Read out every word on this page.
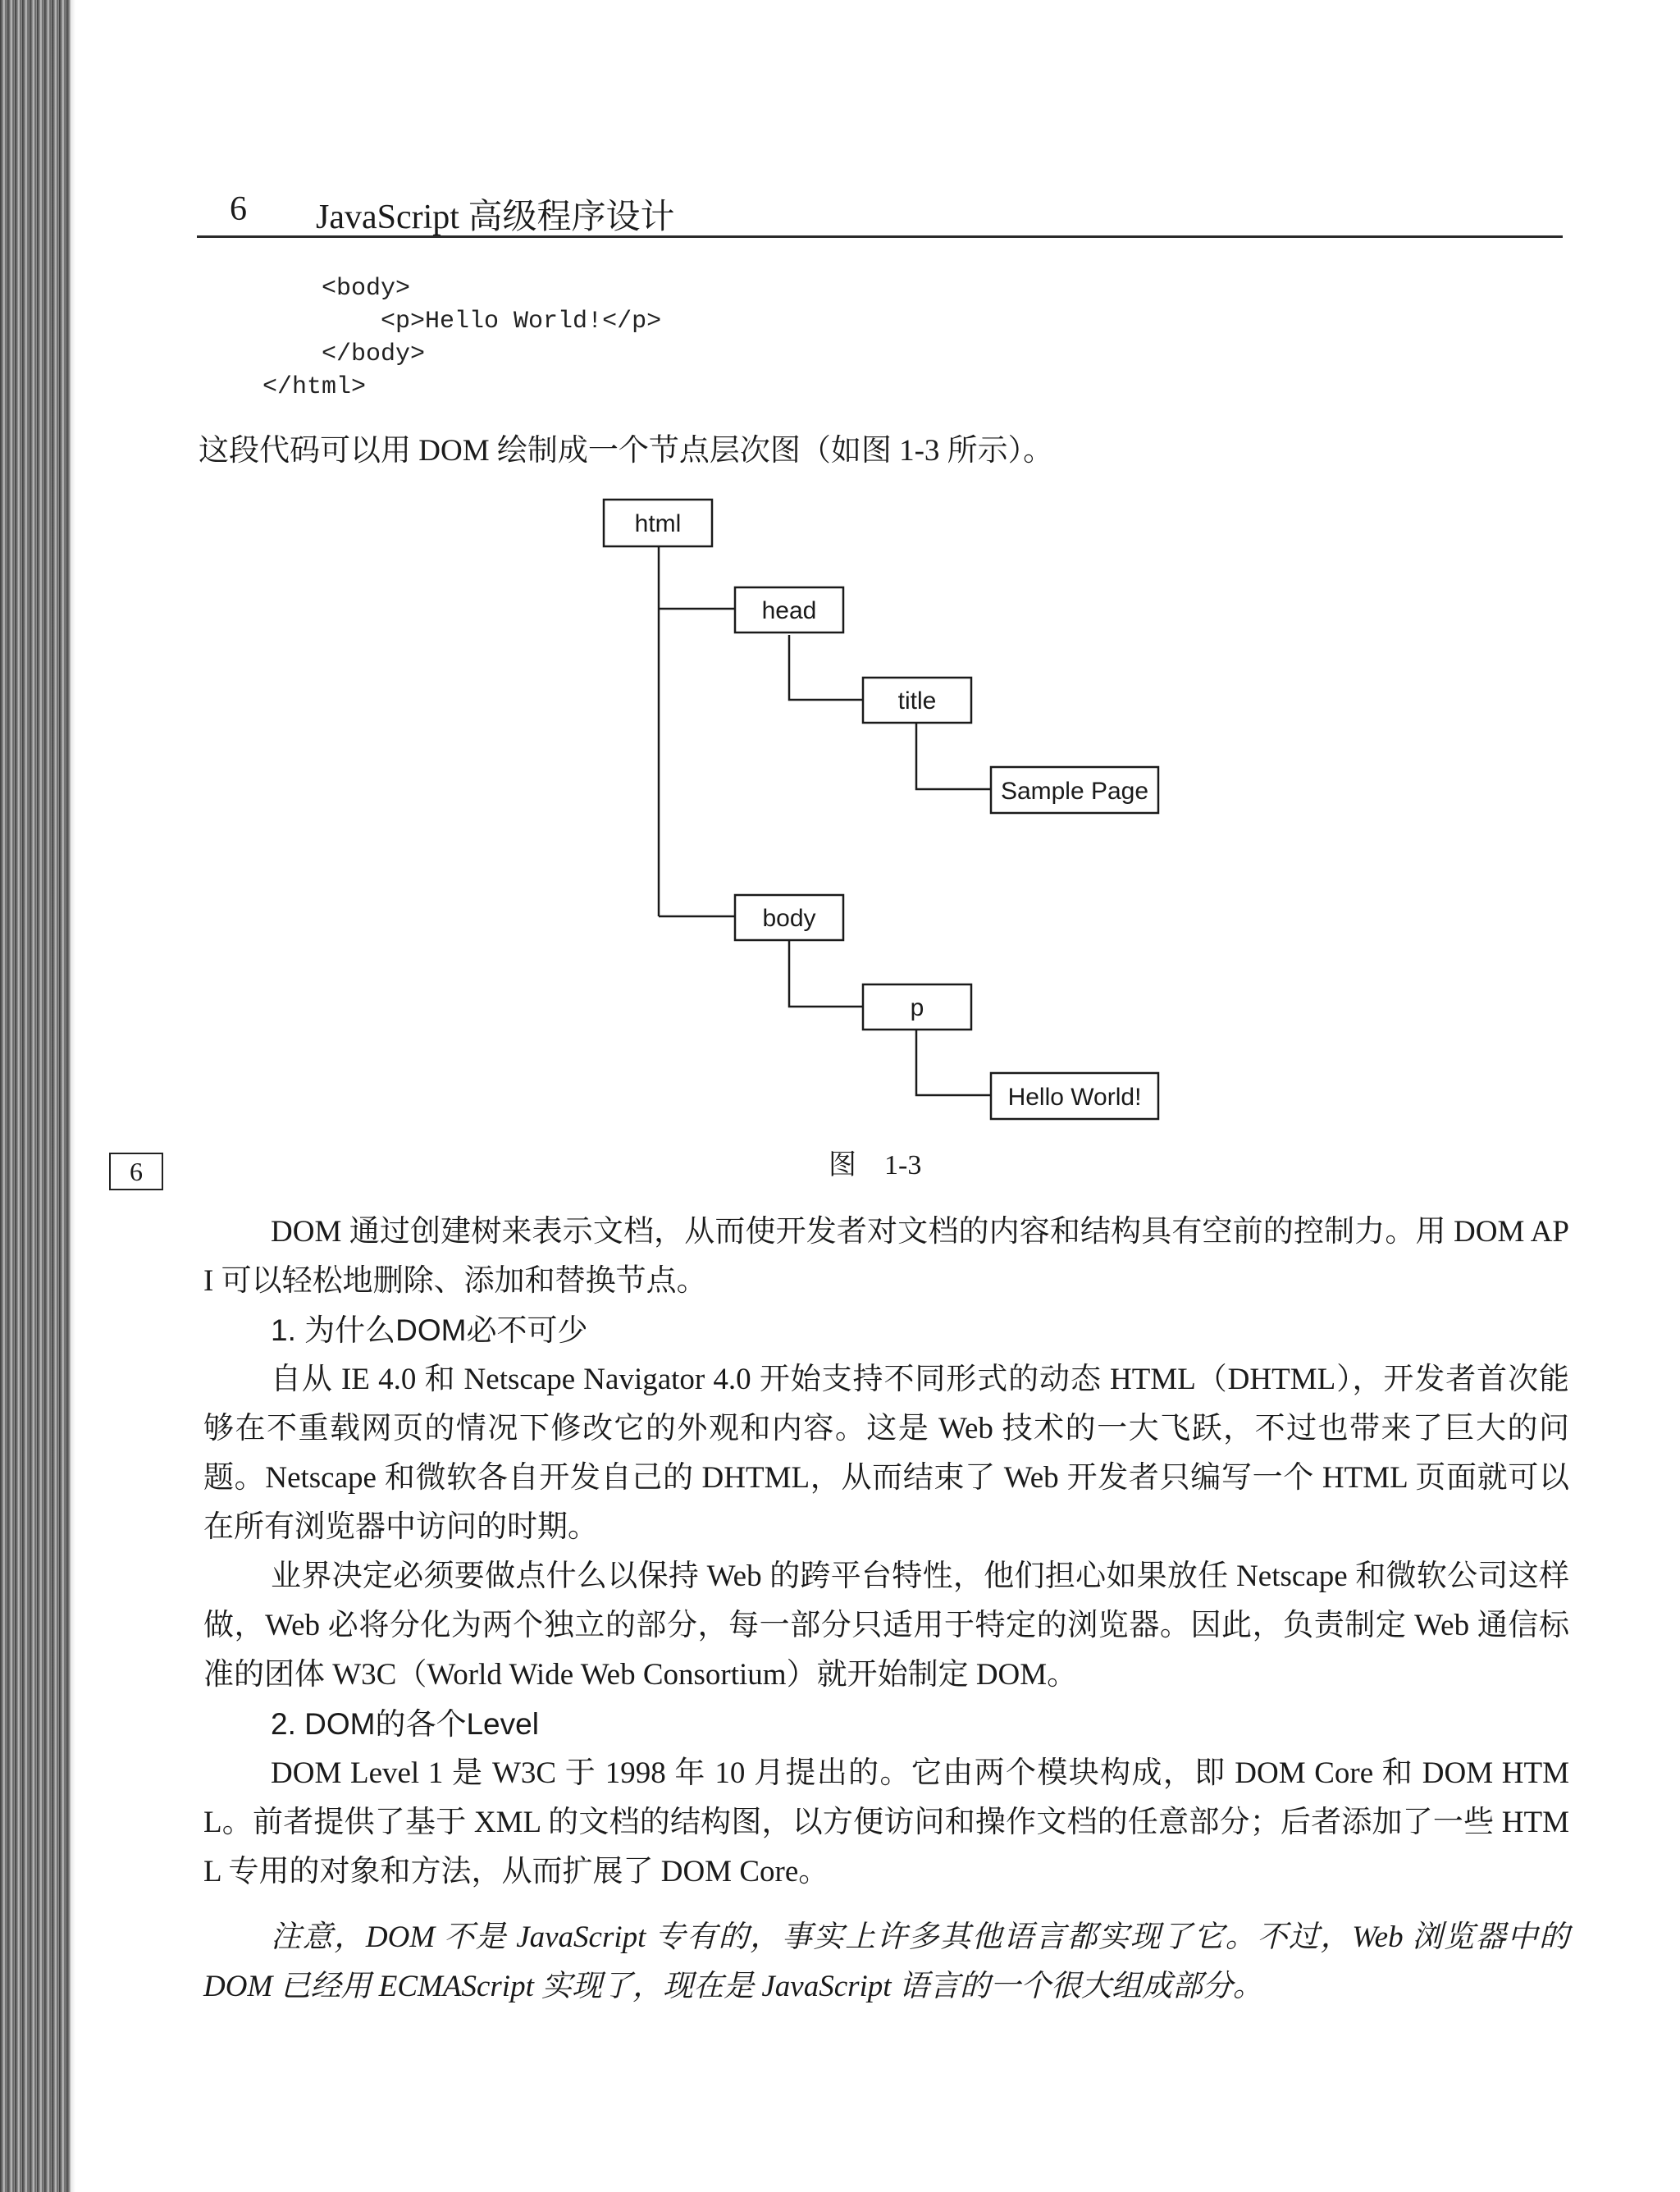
6 JavaScript 高级程序设计
<body>
<p>Hello World!</p>
</body>
</html>
这段代码可以用 DOM 绘制成一个节点层次图（如图 1-3 所示）。
html
head
title
Sample Page
body
p
Hello World!
6	图　1-3
DOM 通过创建树来表示文档，从而使开发者对文档的内容和结构具有空前的控制力。用 DOM API 可以轻松地删除、添加和替换节点。
1. 为什么DOM必不可少
自从 IE 4.0 和 Netscape Navigator 4.0 开始支持不同形式的动态 HTML（DHTML），开发者首次能够在不重载网页的情况下修改它的外观和内容。这是 Web 技术的一大飞跃，不过也带来了巨大的问题。Netscape 和微软各自开发自己的 DHTML，从而结束了 Web 开发者只编写一个 HTML 页面就可以在所有浏览器中访问的时期。
业界决定必须要做点什么以保持 Web 的跨平台特性，他们担心如果放任 Netscape 和微软公司这样做，Web 必将分化为两个独立的部分，每一部分只适用于特定的浏览器。因此，负责制定 Web 通信标准的团体 W3C（World Wide Web Consortium）就开始制定 DOM。
2. DOM的各个Level
DOM Level 1 是 W3C 于 1998 年 10 月提出的。它由两个模块构成，即 DOM Core 和 DOM HTML。前者提供了基于 XML 的文档的结构图，以方便访问和操作文档的任意部分；后者添加了一些 HTML 专用的对象和方法，从而扩展了 DOM Core。
注意，DOM 不是 JavaScript 专有的，事实上许多其他语言都实现了它。不过，Web 浏览器中的 DOM 已经用 ECMAScript 实现了，现在是 JavaScript 语言的一个很大组成部分。
